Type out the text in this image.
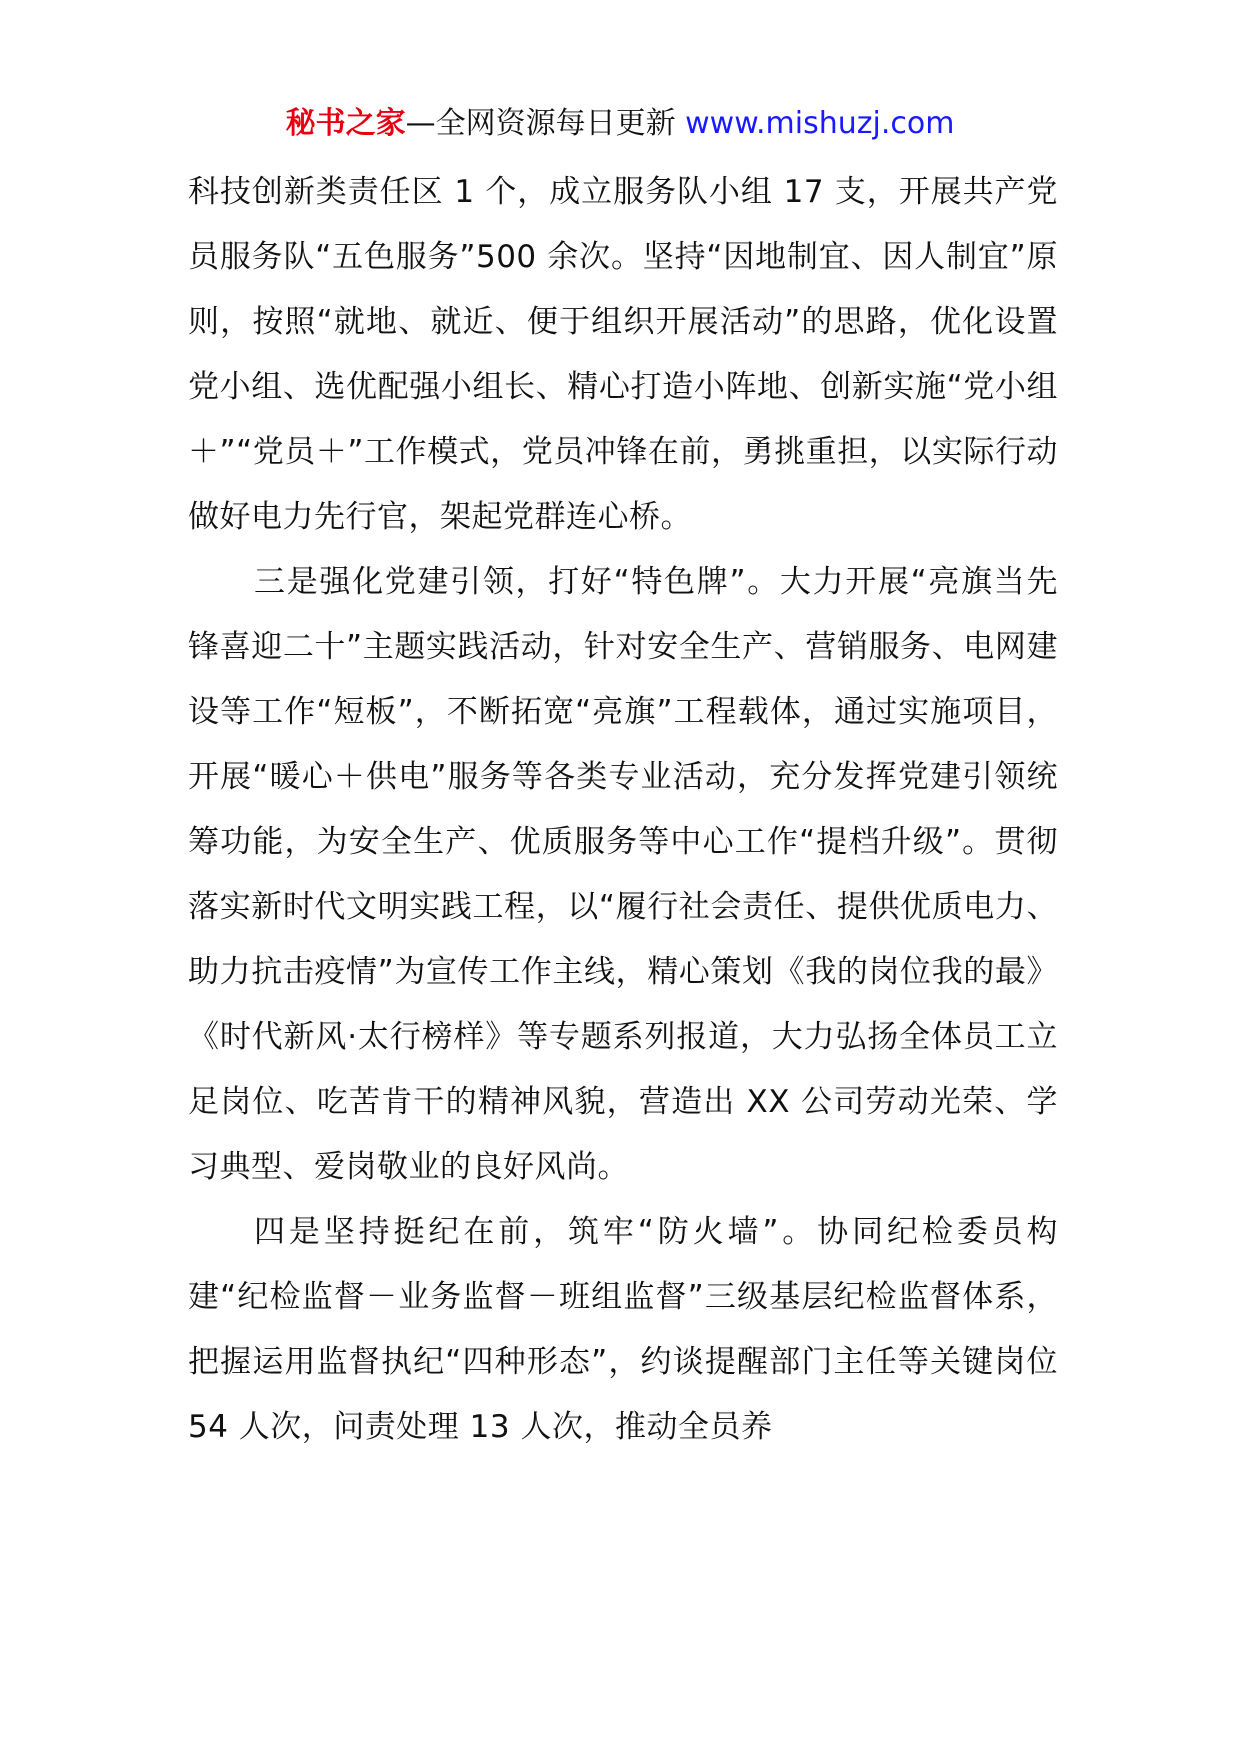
秘书之家—全网资源每日更新 www.mishuzj.com

科技创新类责任区 1 个，成立服务队小组 17 支，开展共产党员服务队“五色服务”500 余次。坚持“因地制宜、因人制宜”原则，按照“就地、就近、便于组织开展活动”的思路，优化设置党小组、选优配强小组长、精心打造小阵地、创新实施“党小组＋”“党员＋”工作模式，党员冲锋在前，勇挑重担，以实际行动做好电力先行官，架起党群连心桥。

三是强化党建引领，打好“特色牌”。大力开展“亮旗当先锋喜迎二十”主题实践活动，针对安全生产、营销服务、电网建设等工作“短板”，不断拓宽“亮旗”工程载体，通过实施项目，开展“暖心＋供电”服务等各类专业活动，充分发挥党建引领统筹功能，为安全生产、优质服务等中心工作“提档升级”。贯彻落实新时代文明实践工程，以“履行社会责任、提供优质电力、助力抗击疫情”为宣传工作主线，精心策划《我的岗位我的最》《时代新风·太行榜样》等专题系列报道，大力弘扬全体员工立足岗位、吃苦肯干的精神风貌，营造出 XX 公司劳动光荣、学习典型、爱岗敬业的良好风尚。

四是坚持挺纪在前，筑牢“防火墙”。协同纪检委员构建“纪检监督－业务监督－班组监督”三级基层纪检监督体系，把握运用监督执纪“四种形态”，约谈提醒部门主任等关键岗位 54 人次，问责处理 13 人次，推动全员养
